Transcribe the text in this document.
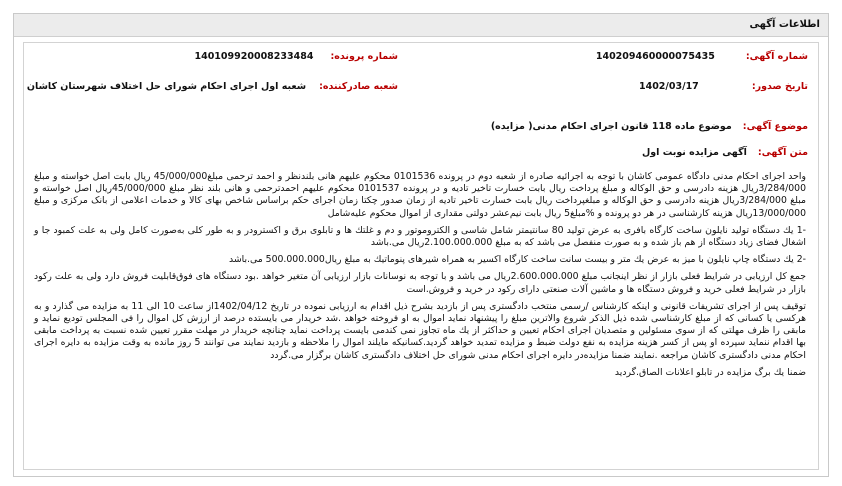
اطلاعات آگهی
شماره آگهی: 140209460000075435
شماره پرونده: 140109920008233484
تاریخ صدور: 1402/03/17
شعبه صادرکننده: شعبه اول اجرای احکام شورای حل اختلاف شهرستان کاشان
موضوع آگهی: موضوع ماده 118 قانون اجرای احکام مدنی( مزایده)
متن آگهی: آگهی مزایده نوبت اول

واحد اجرای احکام مدنی دادگاه عمومی کاشان با توجه به اجرائیه صادره از شعبه دوم در پرونده 0101536 محکوم علیهم هانی بلندنظر و احمد ترحمی مبلغ45/000/000 ریال بابت اصل خواسته و مبلغ 3/284/000ریال هزینه دادرسی و حق الوکاله و مبلغ پرداخت ریال بابت خسارت تاخیر تادیه و در پرونده 0101537 محکوم علیهم احمدترحمی و هانی بلند نظر مبلغ 45/000/000ریال اصل خواسته و مبلغ 3/284/000ریال هزینه دادرسی و حق الوکاله و مبلغپرداخت ریال بابت خسارت تاخیر تادیه از زمان صدور چکتا زمان اجرای حکم براساس شاخص بهای کالا و خدمات اعلامی از بانک مرکزی و مبلغ 13/000/000ریال هزینه کارشناسی در هر دو پرونده و %مبلغ5 ریال بابت نیم‌عشر دولتی مقداری از اموال محکوم علیه‌شامل

-1 یك دستگاه تولید نایلون ساخت کارگاه بافری به عرض تولید 80 سانتیمتر شامل شاسی و الکتروموتور و دم و غلتك ها و تابلوی برق و اکسترودر و به طور کلی به‌صورت کامل ولی به علت کمبود جا و اشغال فضای زیاد دستگاه از هم باز شده و به صورت منفصل می باشد که به مبلغ 2.100.000.000ریال می.باشد

-2 یك دستگاه چاپ نایلون با میز به عرض یك متر و بیست سانت ساخت کارگاه اکسیر به همراه شیرهای پنوماتیك به مبلغ ریال500.000.000 می.باشد

جمع کل ارزیابی در شرایط فعلی بازار از نظر اینجانب مبلغ 2.600.000.000ریال می باشد و با توجه به نوسانات بازار ارزیابی آن متغیر خواهد .بود دستگاه های فوق‌قابلیت فروش دارد ولی به علت رکود بازار در شرایط فعلی خرید و فروش دستگاه ها و ماشین آلات صنعتی دارای رکود در خرید و فروش.است

توقیف پس از اجرای تشریفات قانونی و اینکه کارشناس /رسمی منتخب دادگستری پس از بازدید بشرح ذیل اقدام به ارزیابی نموده در تاریخ 1402/04/12از ساعت 10 الی 11 به مزایده می گذارد و به هرکسی یا کسانی که از مبلغ کارشناسی شده ذیل الذکر شروع والاترین مبلغ را پیشنهاد نماید اموال به او فروخته خواهد .شد خریدار می بایستده درصد از ارزش کل اموال را فی المجلس تودیع نماید و مابقی را ظرف مهلتی که از سوی مسئولین و متصدیان اجرای احکام تعیین و حداکثر از یك ماه تجاوز نمی کندمی بایست پرداخت نماید چنانچه خریدار در مهلت مقرر تعیین شده نسبت به پرداخت مابقی بها اقدام ننماید سپرده او پس از کسر هزینه مزایده به نفع دولت ضبط و مزایده تمدید خواهد گردید.کسانیکه مایلند اموال را ملاحظه و بازدید نمایند می توانند 5 روز مانده به وقت مزایده به دایره اجرای احکام مدنی دادگستری کاشان مراجعه .نمایند ضمنا مزایده‌در دایره اجرای احکام مدنی شورای حل اختلاف دادگستری کاشان برگزار می.گردد

ضمنا یك برگ مزایده در تابلو اعلانات الصاق.گردید
